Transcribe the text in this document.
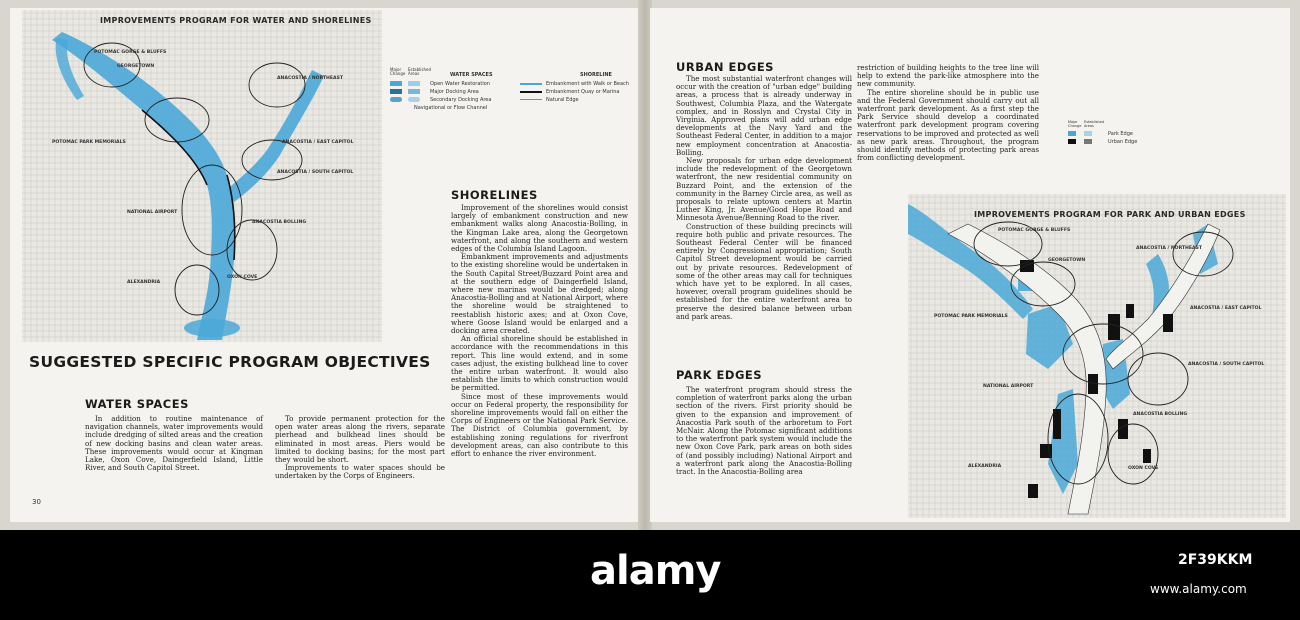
IMPROVEMENTS PROGRAM FOR WATER AND SHORELINES
POTOMAC GORGE & BLUFFS
GEORGETOWN
ANACOSTIA / NORTHEAST
POTOMAC PARK MEMORIALS	ANACOSTIA / EAST CAPITOL
ANACOSTIA / SOUTH CAPITOL
NATIONAL AIRPORT
ANACOSTIA BOLLING
ALEXANDRIA
OXON COVE
Major Change
Established Areas	WATER SPACES
Open Water Restoration
Major Docking Area
Secondary Docking Area
Navigational or Flow Channel
SHORELINE
Embankment with Walk or Beach
Embankment Quay or Marina
Natural Edge
SUGGESTED SPECIFIC PROGRAM OBJECTIVES
WATER SPACES

In addition to routine maintenance of navigation channels, water improvements would include dredging of silted areas and the creation of new docking basins and clean water areas. These improvements would occur at Kingman Lake, Oxon Cove, Daingerfield Island, Little River, and South Capitol Street.

To provide permanent protection for the open water areas along the rivers, separate pierhead and bulkhead lines should be eliminated in most areas. Piers would be limited to docking basins; for the most part they would be short.

Improvements to water spaces should be undertaken by the Corps of Engineers.

SHORELINES

Improvement of the shorelines would consist largely of embankment construction and new embankment walks along Anacostia-Bolling, in the Kingman Lake area, along the Georgetown waterfront, and along the southern and western edges of the Columbia Island Lagoon.

Embankment improvements and adjustments to the existing shoreline would be undertaken in the South Capital Street/Buzzard Point area and at the southern edge of Daingerfield Island, where new marinas would be dredged; along Anacostia-Bolling and at National Airport, where the shoreline would be straightened to reestablish historic axes; and at Oxon Cove, where Goose Island would be enlarged and a docking area created.

An official shoreline should be established in accordance with the recommendations in this report. This line would extend, and in some cases adjust, the existing bulkhead line to cover the entire urban waterfront. It would also establish the limits to which construction would be permitted.

Since most of these improvements would occur on Federal property, the responsibility for shoreline improvements would fall on either the Corps of Engineers or the National Park Service. The District of Columbia government, by establishing zoning regulations for riverfront development areas, can also contribute to this effort to enhance the river environment.

30
URBAN EDGES

The most substantial waterfront changes will occur with the creation of "urban edge" building areas, a process that is already underway in Southwest, Columbia Plaza, and the Watergate complex, and in Rosslyn and Crystal City in Virginia. Approved plans will add urban edge developments at the Navy Yard and the Southeast Federal Center, in addition to a major new employment concentration at Anacostia-Bolling.

New proposals for urban edge development include the redevelopment of the Georgetown waterfront, the new residential community on Buzzard Point, and the extension of the community in the Barney Circle area, as well as proposals to relate uptown centers at Martin Luther King, Jr. Avenue/Good Hope Road and Minnesota Avenue/Benning Road to the river.

Construction of these building precincts will require both public and private resources. The Southeast Federal Center will be financed entirely by Congressional appropriation; South Capitol Street development would be carried out by private resources. Redevelopment of some of the other areas may call for techniques which have yet to be explored. In all cases, however, overall program guidelines should be established for the entire waterfront area to preserve the desired balance between urban and park areas.

PARK EDGES

The waterfront program should stress the completion of waterfront parks along the urban section of the rivers. First priority should be given to the expansion and improvement of Anacostia Park south of the arboretum to Fort McNair. Along the Potomac significant additions to the waterfront park system would include the new Oxon Cove Park, park areas on both sides of (and possibly including) National Airport and a waterfront park along the Anacostia-Bolling tract. In the Anacostia-Bolling area

restriction of building heights to the tree line will help to extend the park-like atmosphere into the new community.

The entire shoreline should be in public use and the Federal Government should carry out all waterfront park development. As a first step the Park Service should develop a coordinated waterfront park development program covering reservations to be improved and protected as well as new park areas. Throughout, the program should identify methods of protecting park areas from conflicting development.

Major Change
Established Areas
Park Edge
Urban Edge
IMPROVEMENTS PROGRAM FOR PARK AND URBAN EDGES
POTOMAC GORGE & BLUFFS
GEORGETOWN
ANACOSTIA / NORTHEAST
POTOMAC PARK MEMORIALS
ANACOSTIA / EAST CAPITOL
ANACOSTIA / SOUTH CAPITOL
NATIONAL AIRPORT
ANACOSTIA BOLLING
ALEXANDRIA	OXON COVE
alamy	2F39KKM
www.alamy.com
